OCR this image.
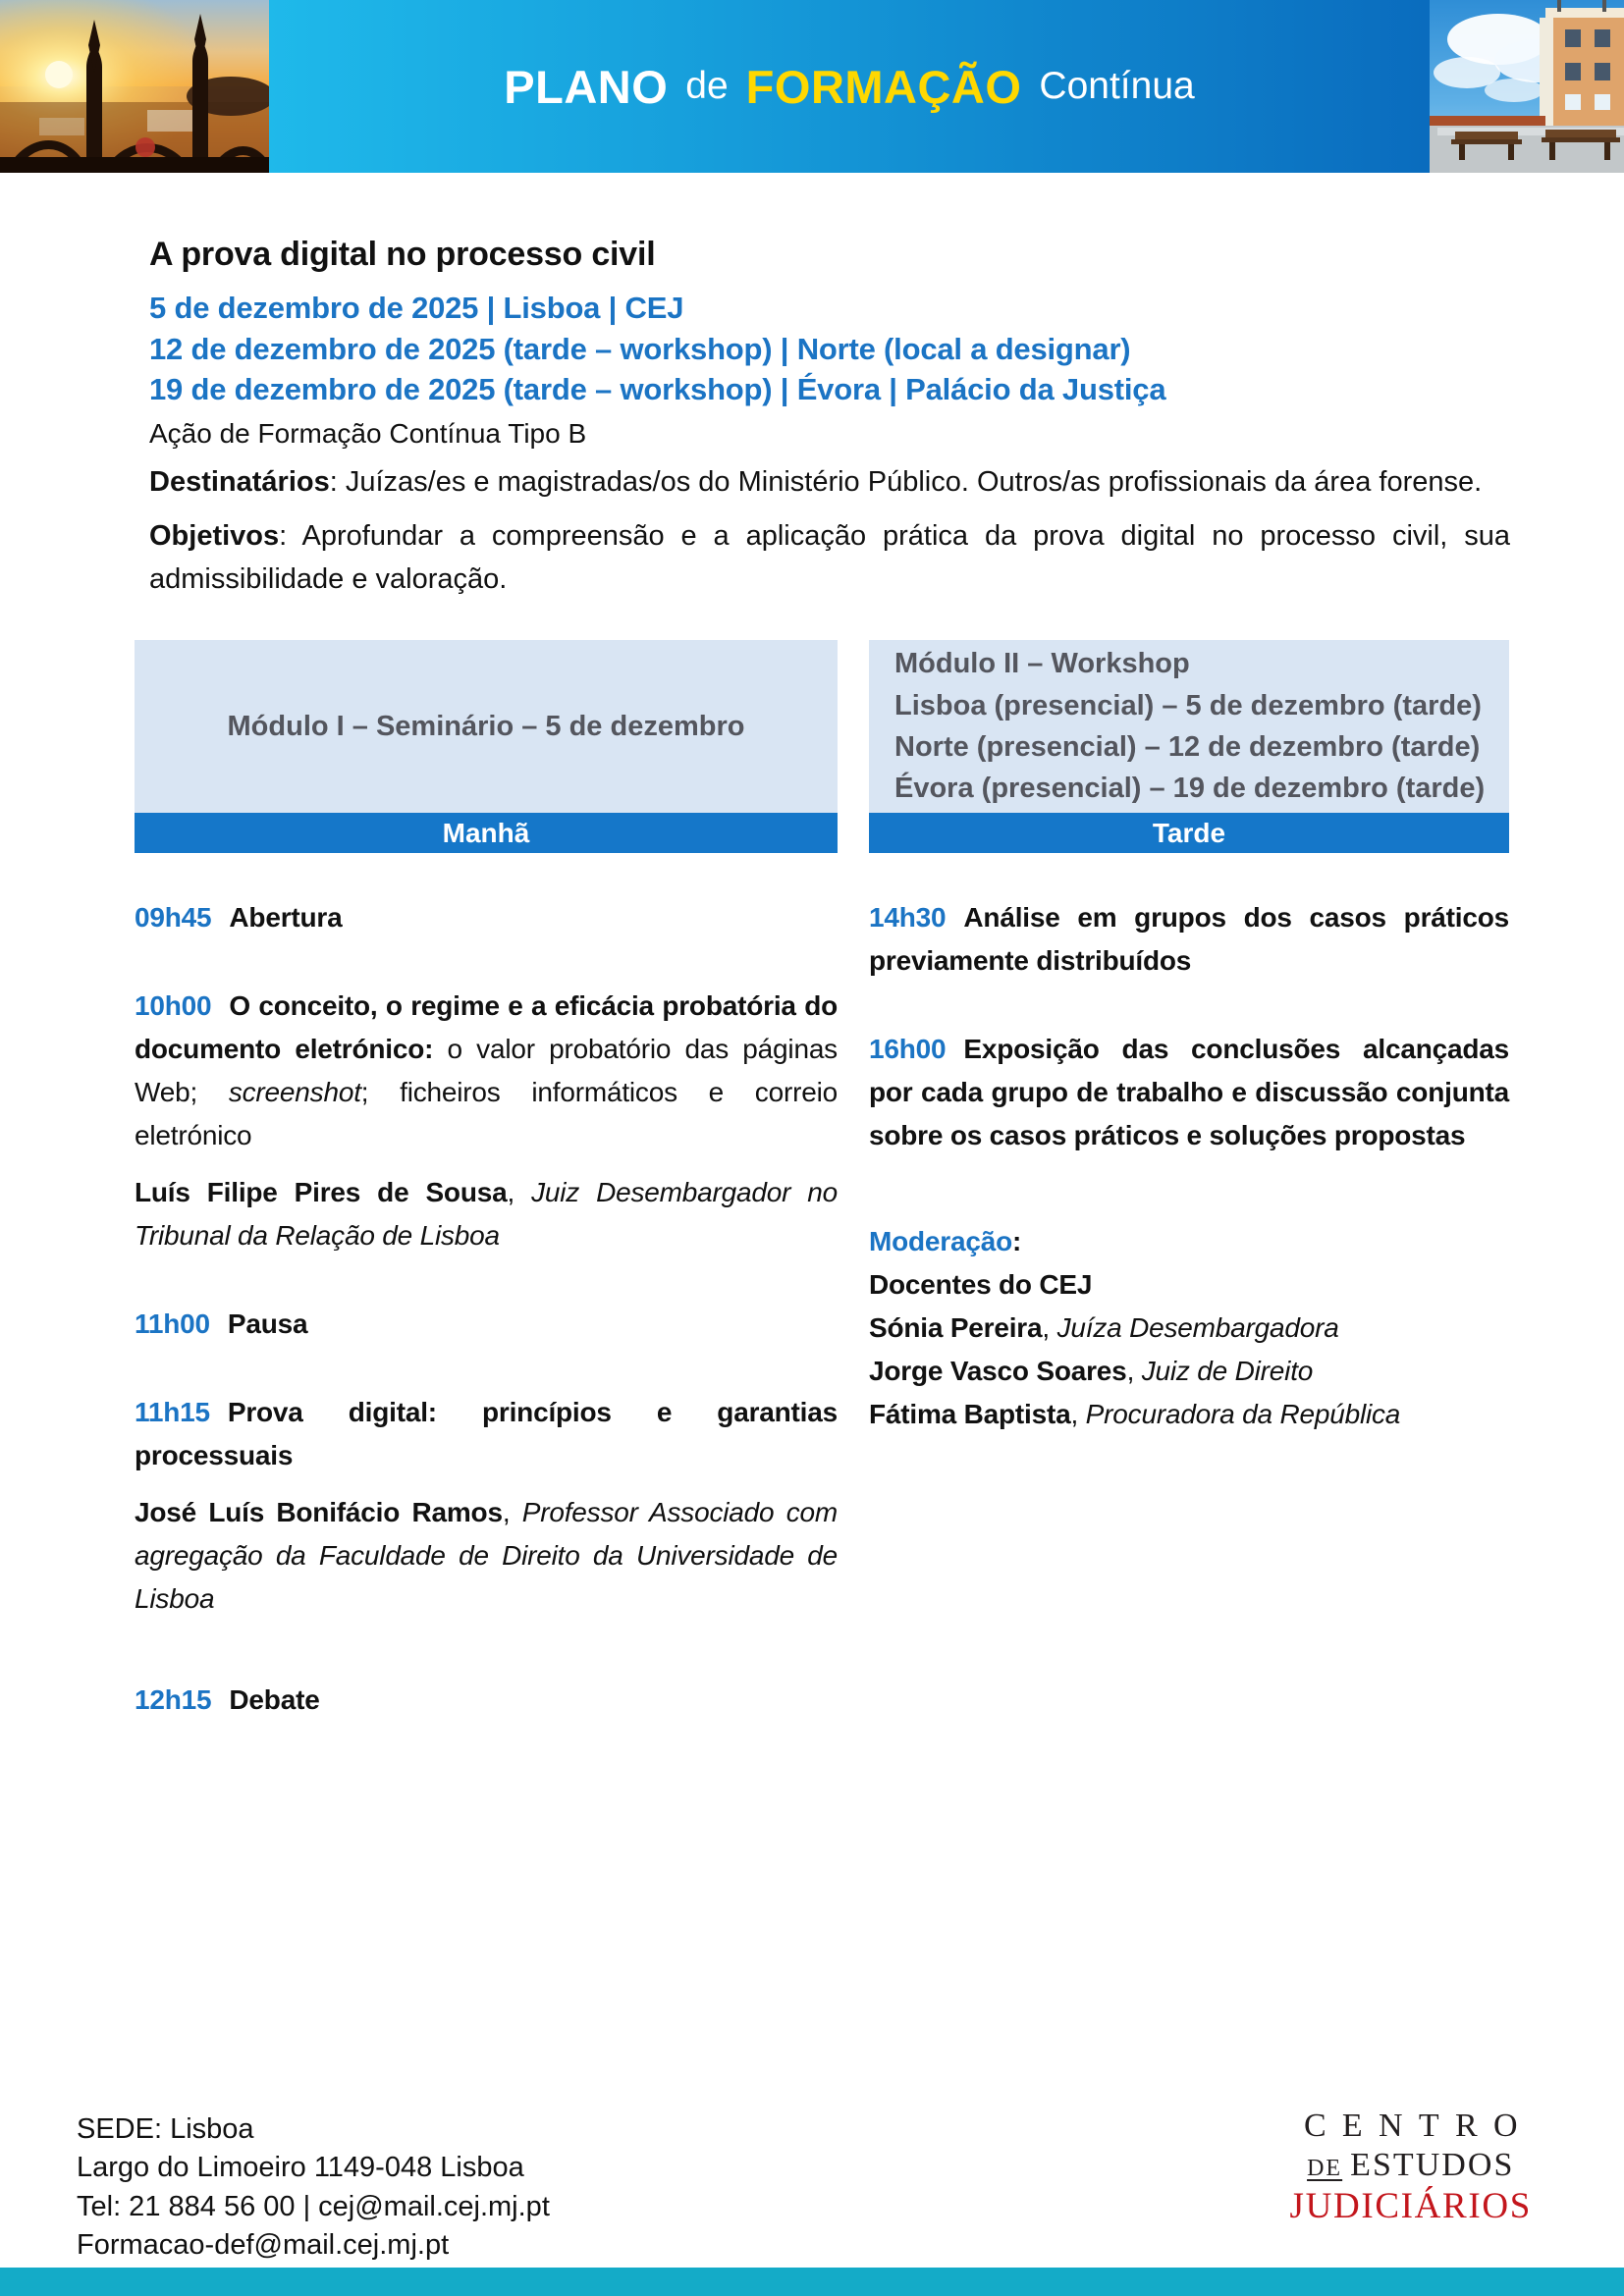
PLANO de FORMAÇÃO Contínua
A prova digital no processo civil
5 de dezembro de 2025 | Lisboa | CEJ
12 de dezembro de 2025 (tarde – workshop) | Norte (local a designar)
19 de dezembro de 2025 (tarde – workshop) | Évora | Palácio da Justiça
Ação de Formação Contínua Tipo B
Destinatários: Juízas/es e magistradas/os do Ministério Público. Outros/as profissionais da área forense.
Objetivos: Aprofundar a compreensão e a aplicação prática da prova digital no processo civil, sua admissibilidade e valoração.
Módulo I – Seminário – 5 de dezembro
Manhã

09h45 Abertura

10h00 O conceito, o regime e a eficácia probatória do documento eletrónico: o valor probatório das páginas Web; screenshot; ficheiros informáticos e correio eletrónico

Luís Filipe Pires de Sousa, Juiz Desembargador no Tribunal da Relação de Lisboa

11h00 Pausa

11h15 Prova digital: princípios e garantias processuais

José Luís Bonifácio Ramos, Professor Associado com agregação da Faculdade de Direito da Universidade de Lisboa

12h15 Debate

Módulo II – Workshop
Lisboa (presencial) – 5 de dezembro (tarde)
Norte (presencial) – 12 de dezembro (tarde)
Évora (presencial) – 19 de dezembro (tarde)
Tarde

14h30 Análise em grupos dos casos práticos previamente distribuídos

16h00 Exposição das conclusões alcançadas por cada grupo de trabalho e discussão conjunta sobre os casos práticos e soluções propostas

Moderação:

Docentes do CEJ

Sónia Pereira, Juíza Desembargadora

Jorge Vasco Soares, Juiz de Direito

Fátima Baptista, Procuradora da República

SEDE: Lisboa
Largo do Limoeiro 1149-048 Lisboa
Tel: 21 884 56 00 | cej@mail.cej.mj.pt
Formacao-def@mail.cej.mj.pt
CENTRO
DE ESTUDOS
JUDICIÁRIOS
